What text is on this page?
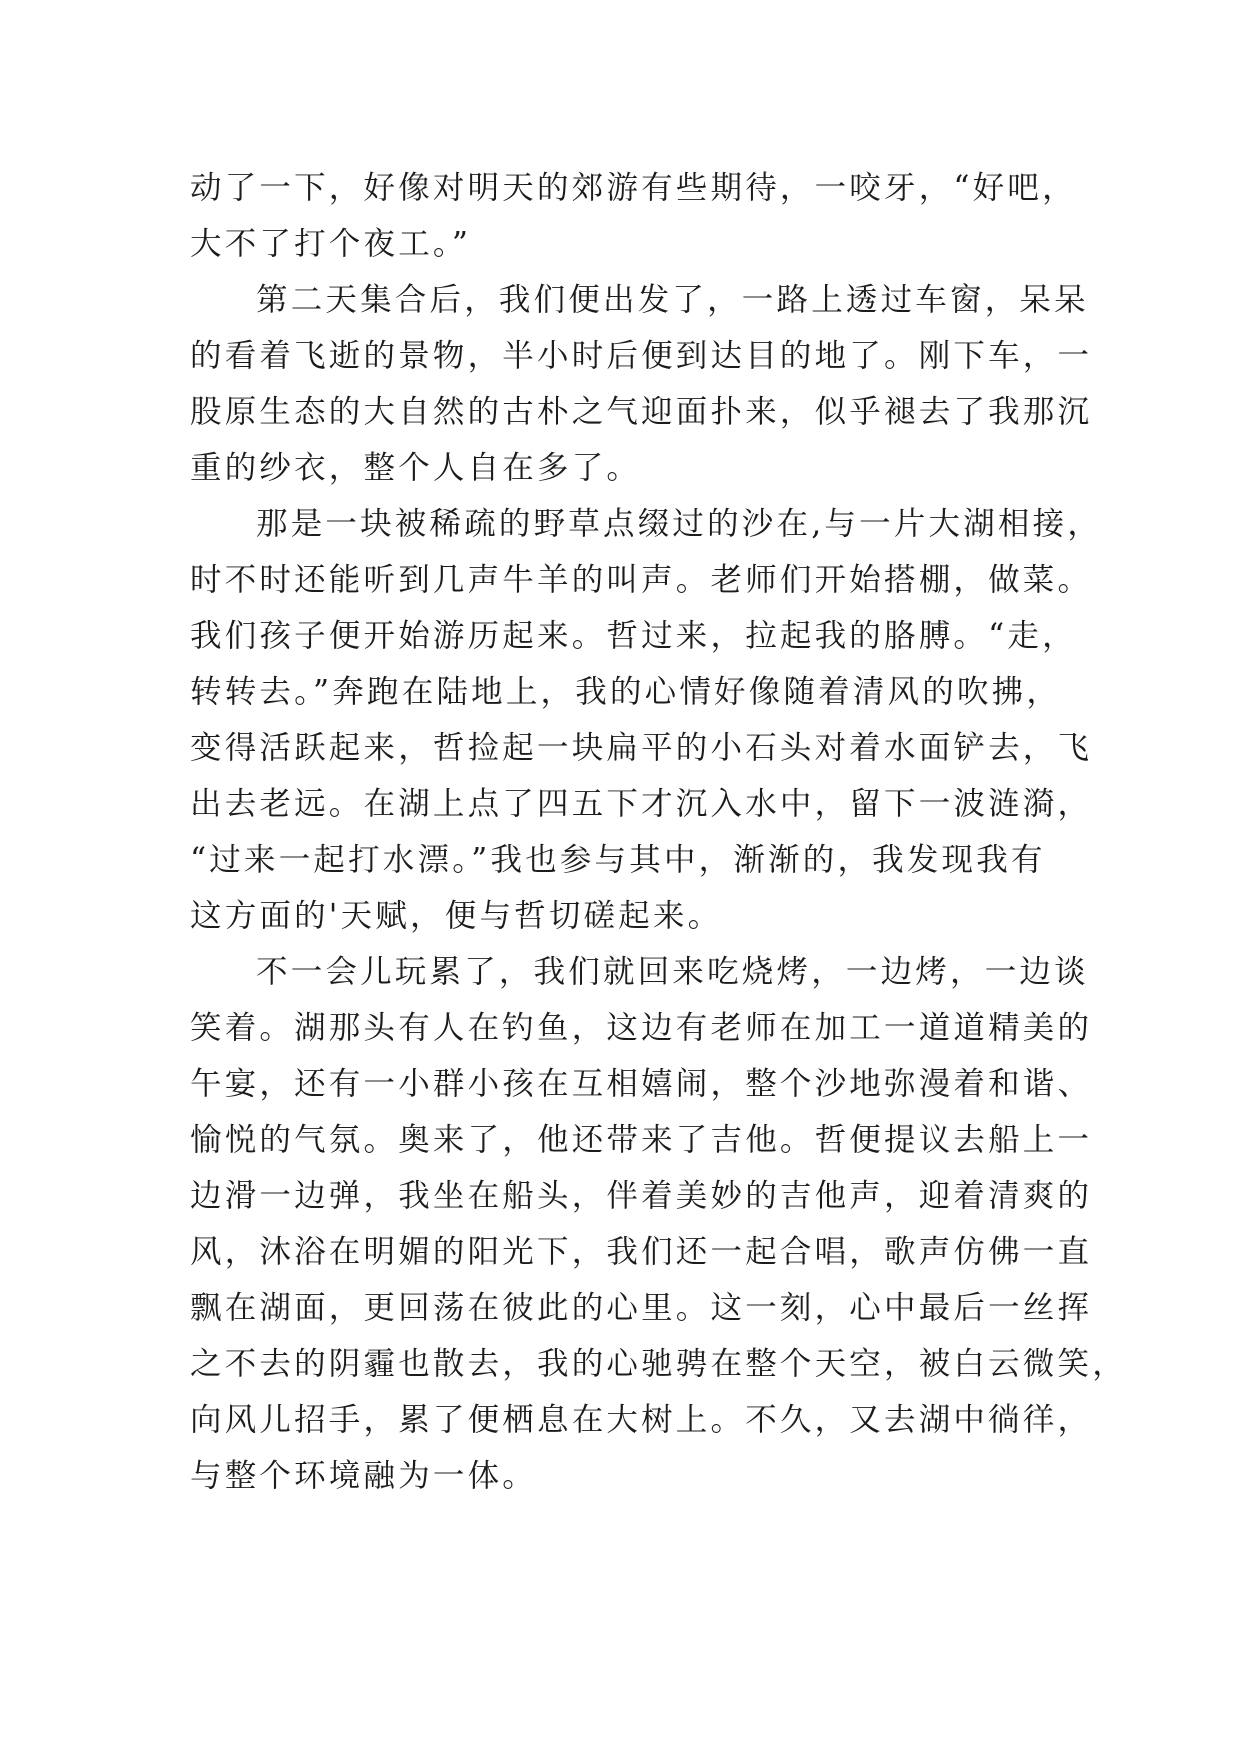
动了一下，好像对明天的郊游有些期待，一咬牙，“好吧，
大不了打个夜工。”
第二天集合后，我们便出发了，一路上透过车窗，呆呆
的看着飞逝的景物，半小时后便到达目的地了。刚下车，一
股原生态的大自然的古朴之气迎面扑来，似乎褪去了我那沉
重的纱衣，整个人自在多了。
那是一块被稀疏的野草点缀过的沙在,与一片大湖相接，
时不时还能听到几声牛羊的叫声。老师们开始搭棚，做菜。
我们孩子便开始游历起来。哲过来，拉起我的胳膊。“走，
转转去。”奔跑在陆地上，我的心情好像随着清风的吹拂，
变得活跃起来，哲捡起一块扁平的小石头对着水面铲去，飞
出去老远。在湖上点了四五下才沉入水中，留下一波涟漪，
“过来一起打水漂。”我也参与其中，渐渐的，我发现我有
这方面的'天赋，便与哲切磋起来。
不一会儿玩累了，我们就回来吃烧烤，一边烤，一边谈
笑着。湖那头有人在钓鱼，这边有老师在加工一道道精美的
午宴，还有一小群小孩在互相嬉闹，整个沙地弥漫着和谐、
愉悦的气氛。奥来了，他还带来了吉他。哲便提议去船上一
边滑一边弹，我坐在船头，伴着美妙的吉他声，迎着清爽的
风，沐浴在明媚的阳光下，我们还一起合唱，歌声仿佛一直
飘在湖面，更回荡在彼此的心里。这一刻，心中最后一丝挥
之不去的阴霾也散去，我的心驰骋在整个天空，被白云微笑，
向风儿招手，累了便栖息在大树上。不久，又去湖中徜徉，
与整个环境融为一体。
